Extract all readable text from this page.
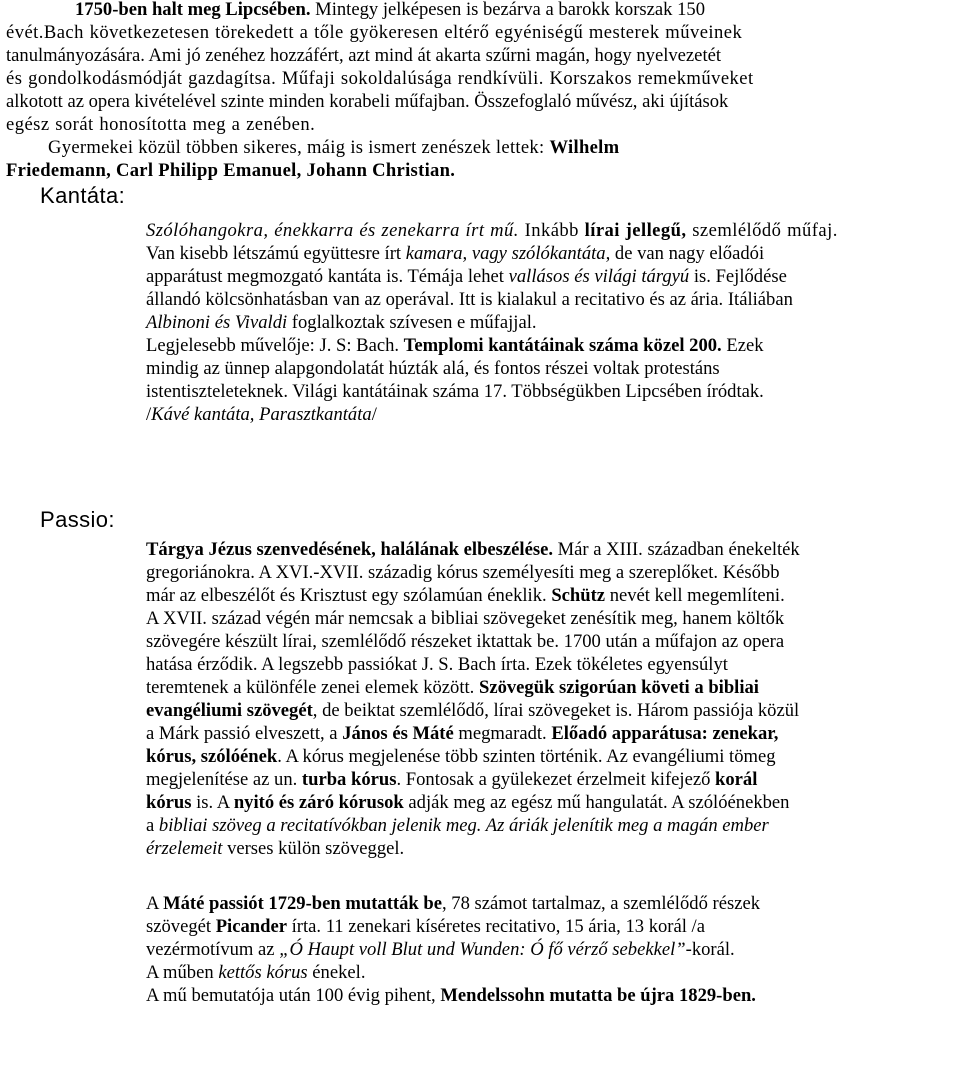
1750-ben halt meg Lipcsében. Mintegy jelképesen is bezárva a barokk korszak 150
évét.Bach következetesen törekedett a tőle gyökeresen eltérő egyéniségű mesterek műveinek
tanulmányozására. Ami jó zenéhez hozzáfért, azt mind át akarta szűrni magán, hogy nyelvezetét
és gondolkodásmódját gazdagítsa. Műfaji sokoldalúsága rendkívüli. Korszakos remekműveket
alkotott az opera kivételével szinte minden korabeli műfajban. Összefoglaló művész, aki újítások
egész sorát honosította meg a zenében.
Gyermekei közül többen sikeres, máig is ismert zenészek lettek: Wilhelm
Friedemann, Carl Philipp Emanuel, Johann Christian.
Kantáta:
Szólóhangokra, énekkarra és zenekarra írt mű. Inkább lírai jellegű, szemlélődő műfaj.
Van kisebb létszámú együttesre írt kamara, vagy szólókantáta, de van nagy előadói
apparátust megmozgató kantáta is. Témája lehet vallásos és világi tárgyú is. Fejlődése
állandó kölcsönhatásban van az operával. Itt is kialakul a recitativo és az ária. Itáliában
Albinoni és Vivaldi foglalkoztak szívesen e műfajjal.
Legjelesebb művelője: J. S: Bach. Templomi kantátáinak száma közel 200. Ezek
mindig az ünnep alapgondolatát húzták alá, és fontos részei voltak protestáns
istentiszteleteknek. Világi kantátáinak száma 17. Többségükben Lipcsében íródtak.
/Kávé kantáta, Parasztkantáta/
Passio:
Tárgya Jézus szenvedésének, halálának elbeszélése. Már a XIII. században énekelték
gregoriánokra. A XVI.-XVII. századig kórus személyesíti meg a szereplőket. Később
már az elbeszélőt és Krisztust egy szólamúan éneklik. Schütz nevét kell megemlíteni.
A XVII. század végén már nemcsak a bibliai szövegeket zenésítik meg, hanem költők
szövegére készült lírai, szemlélődő részeket iktattak be. 1700 után a műfajon az opera
hatása érződik. A legszebb passiókat J. S. Bach írta. Ezek tökéletes egyensúlyt
teremtenek a különféle zenei elemek között. Szövegük szigorúan követi a bibliai
evangéliumi szövegét, de beiktat szemlélődő, lírai szövegeket is. Három passiója közül
a Márk passió elveszett, a János és Máté megmaradt. Előadó apparátusa: zenekar,
kórus, szólóének. A kórus megjelenése több szinten történik. Az evangéliumi tömeg
megjelenítése az un. turba kórus. Fontosak a gyülekezet érzelmeit kifejező korál
kórus is. A nyitó és záró kórusok adják meg az egész mű hangulatát. A szólóénekben
a bibliai szöveg a recitatívókban jelenik meg. Az áriák jelenítik meg a magán ember
érzelemeit verses külön szöveggel.
A Máté passiót 1729-ben mutatták be, 78 számot tartalmaz, a szemlélődő részek
szövegét Picander írta. 11 zenekari kíséretes recitativo, 15 ária, 13 korál /a
vezérmotívum az „Ó Haupt voll Blut und Wunden: Ó fő vérző sebekkel”-korál.
A műben kettős kórus énekel.
A mű bemutatója után 100 évig pihent, Mendelssohn mutatta be újra 1829-ben.
